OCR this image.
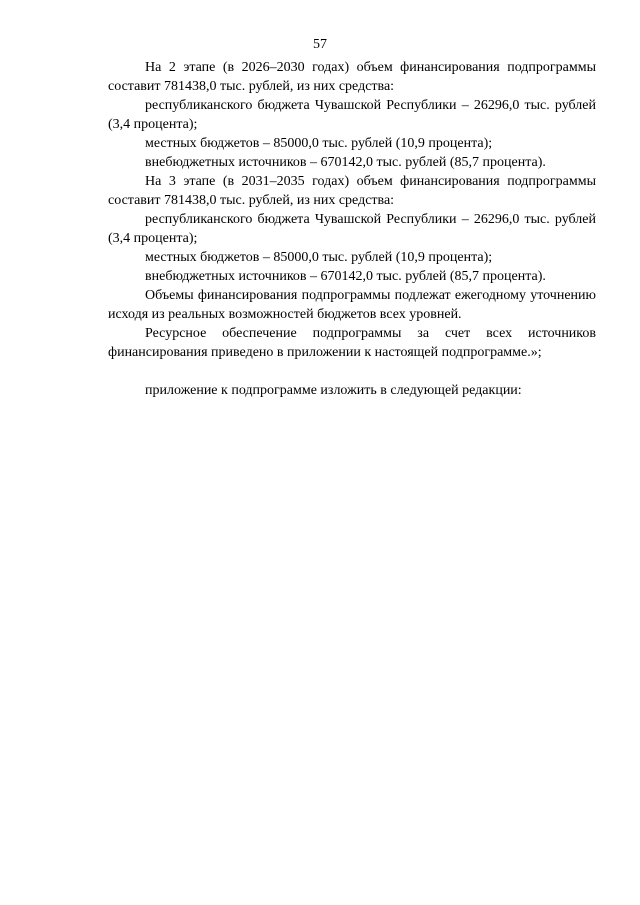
57

На 2 этапе (в 2026–2030 годах) объем финансирования подпрограммы составит 781438,0 тыс. рублей, из них средства:

республиканского бюджета Чувашской Республики – 26296,0 тыс. рублей (3,4 процента);

местных бюджетов – 85000,0 тыс. рублей (10,9 процента);

внебюджетных источников – 670142,0 тыс. рублей (85,7 процента).

На 3 этапе (в 2031–2035 годах) объем финансирования подпрограммы составит 781438,0 тыс. рублей, из них средства:

республиканского бюджета Чувашской Республики – 26296,0 тыс. рублей (3,4 процента);

местных бюджетов – 85000,0 тыс. рублей (10,9 процента);

внебюджетных источников – 670142,0 тыс. рублей (85,7 процента).

Объемы финансирования подпрограммы подлежат ежегодному уточнению исходя из реальных возможностей бюджетов всех уровней.

Ресурсное обеспечение подпрограммы за счет всех источников финансирования приведено в приложении к настоящей подпрограмме.»;

приложение к подпрограмме изложить в следующей редакции:
